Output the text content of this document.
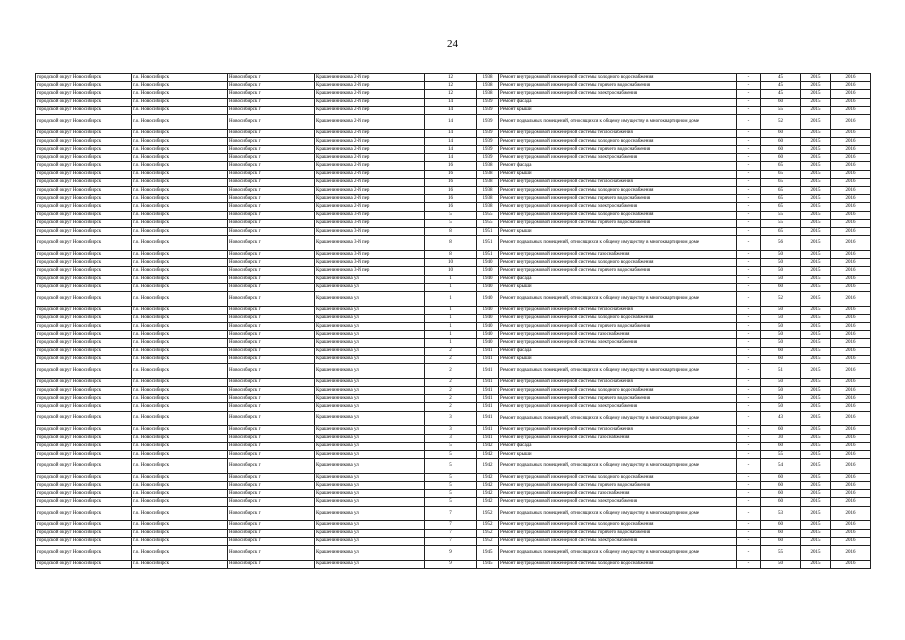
24
городской округ Новосибирск	г.о. Новосибирск	Новосибирск г	Крашенинникова 2-й пер	12	1938	Ремонт внутридомовой инженерной системы холодного водоснабжения	-	45	2015	2016
городской округ Новосибирск	г.о. Новосибирск	Новосибирск г	Крашенинникова 2-й пер	12	1938	Ремонт внутридомовой инженерной системы горячего водоснабжения	-	45	2015	2016
городской округ Новосибирск	г.о. Новосибирск	Новосибирск г	Крашенинникова 2-й пер	12	1938	Ремонт внутридомовой инженерной системы электроснабжения	-	45	2015	2016
городской округ Новосибирск	г.о. Новосибирск	Новосибирск г	Крашенинникова 2-й пер	14	1939	Ремонт фасада	-	60	2015	2016
городской округ Новосибирск	г.о. Новосибирск	Новосибирск г	Крашенинникова 2-й пер	14	1939	Ремонт крыши	-	55	2015	2016
городской округ Новосибирск	г.о. Новосибирск	Новосибирск г	Крашенинникова 2-й пер	14	1939	Ремонт подвальных помещений, относящихся к общему имуществу в многоквартирном доме	-	52	2015	2016
городской округ Новосибирск	г.о. Новосибирск	Новосибирск г	Крашенинникова 2-й пер	14	1939	Ремонт внутридомовой инженерной системы теплоснабжения	-	60	2015	2016
городской округ Новосибирск	г.о. Новосибирск	Новосибирск г	Крашенинникова 2-й пер	14	1939	Ремонт внутридомовой инженерной системы холодного водоснабжения	-	60	2015	2016
городской округ Новосибирск	г.о. Новосибирск	Новосибирск г	Крашенинникова 2-й пер	14	1939	Ремонт внутридомовой инженерной системы горячего водоснабжения	-	60	2015	2016
городской округ Новосибирск	г.о. Новосибирск	Новосибирск г	Крашенинникова 2-й пер	14	1939	Ремонт внутридомовой инженерной системы электроснабжения	-	60	2015	2016
городской округ Новосибирск	г.о. Новосибирск	Новосибирск г	Крашенинникова 2-й пер	16	1938	Ремонт фасада	-	65	2015	2016
городской округ Новосибирск	г.о. Новосибирск	Новосибирск г	Крашенинникова 2-й пер	16	1938	Ремонт крыши	-	65	2015	2016
городской округ Новосибирск	г.о. Новосибирск	Новосибирск г	Крашенинникова 2-й пер	16	1938	Ремонт внутридомовой инженерной системы теплоснабжения	-	65	2015	2016
городской округ Новосибирск	г.о. Новосибирск	Новосибирск г	Крашенинникова 2-й пер	16	1938	Ремонт внутридомовой инженерной системы холодного водоснабжения	-	65	2015	2016
городской округ Новосибирск	г.о. Новосибирск	Новосибирск г	Крашенинникова 2-й пер	16	1938	Ремонт внутридомовой инженерной системы горячего водоснабжения	-	65	2015	2016
городской округ Новосибирск	г.о. Новосибирск	Новосибирск г	Крашенинникова 2-й пер	16	1938	Ремонт внутридомовой инженерной системы электроснабжения	-	65	2015	2016
городской округ Новосибирск	г.о. Новосибирск	Новосибирск г	Крашенинникова 3-й пер	5	1955	Ремонт внутридомовой инженерной системы холодного водоснабжения	-	55	2015	2016
городской округ Новосибирск	г.о. Новосибирск	Новосибирск г	Крашенинникова 3-й пер	5	1955	Ремонт внутридомовой инженерной системы горячего водоснабжения	-	55	2015	2016
городской округ Новосибирск	г.о. Новосибирск	Новосибирск г	Крашенинникова 3-й пер	8	1951	Ремонт крыши	-	65	2015	2016
городской округ Новосибирск	г.о. Новосибирск	Новосибирск г	Крашенинникова 3-й пер	8	1951	Ремонт подвальных помещений, относящихся к общему имуществу в многоквартирном доме	-	56	2015	2016
городской округ Новосибирск	г.о. Новосибирск	Новосибирск г	Крашенинникова 3-й пер	8	1951	Ремонт внутридомовой инженерной системы газоснабжения	-	50	2015	2016
городской округ Новосибирск	г.о. Новосибирск	Новосибирск г	Крашенинникова 3-й пер	10	1940	Ремонт внутридомовой инженерной системы холодного водоснабжения	-	50	2015	2016
городской округ Новосибирск	г.о. Новосибирск	Новосибирск г	Крашенинникова 3-й пер	10	1940	Ремонт внутридомовой инженерной системы горячего водоснабжения	-	50	2015	2016
городской округ Новосибирск	г.о. Новосибирск	Новосибирск г	Крашенинникова ул	1	1940	Ремонт фасада	-	50	2015	2016
городской округ Новосибирск	г.о. Новосибирск	Новосибирск г	Крашенинникова ул	1	1940	Ремонт крыши	-	60	2015	2016
городской округ Новосибирск	г.о. Новосибирск	Новосибирск г	Крашенинникова ул	1	1940	Ремонт подвальных помещений, относящихся к общему имуществу в многоквартирном доме	-	52	2015	2016
городской округ Новосибирск	г.о. Новосибирск	Новосибирск г	Крашенинникова ул	1	1940	Ремонт внутридомовой инженерной системы теплоснабжения	-	50	2015	2016
городской округ Новосибирск	г.о. Новосибирск	Новосибирск г	Крашенинникова ул	1	1940	Ремонт внутридомовой инженерной системы холодного водоснабжения	-	50	2015	2016
городской округ Новосибирск	г.о. Новосибирск	Новосибирск г	Крашенинникова ул	1	1940	Ремонт внутридомовой инженерной системы горячего водоснабжения	-	50	2015	2016
городской округ Новосибирск	г.о. Новосибирск	Новосибирск г	Крашенинникова ул	1	1940	Ремонт внутридомовой инженерной системы газоснабжения	-	50	2015	2016
городской округ Новосибирск	г.о. Новосибирск	Новосибирск г	Крашенинникова ул	1	1940	Ремонт внутридомовой инженерной системы электроснабжения	-	50	2015	2016
городской округ Новосибирск	г.о. Новосибирск	Новосибирск г	Крашенинникова ул	2	1941	Ремонт фасада	-	60	2015	2016
городской округ Новосибирск	г.о. Новосибирск	Новосибирск г	Крашенинникова ул	2	1941	Ремонт крыши	-	60	2015	2016
городской округ Новосибирск	г.о. Новосибирск	Новосибирск г	Крашенинникова ул	2	1941	Ремонт подвальных помещений, относящихся к общему имуществу в многоквартирном доме	-	51	2015	2016
городской округ Новосибирск	г.о. Новосибирск	Новосибирск г	Крашенинникова ул	2	1941	Ремонт внутридомовой инженерной системы теплоснабжения	-	50	2015	2016
городской округ Новосибирск	г.о. Новосибирск	Новосибирск г	Крашенинникова ул	2	1941	Ремонт внутридомовой инженерной системы холодного водоснабжения	-	50	2015	2016
городской округ Новосибирск	г.о. Новосибирск	Новосибирск г	Крашенинникова ул	2	1941	Ремонт внутридомовой инженерной системы горячего водоснабжения	-	50	2015	2016
городской округ Новосибирск	г.о. Новосибирск	Новосибирск г	Крашенинникова ул	2	1941	Ремонт внутридомовой инженерной системы электроснабжения	-	50	2015	2016
городской округ Новосибирск	г.о. Новосибирск	Новосибирск г	Крашенинникова ул	3	1941	Ремонт подвальных помещений, относящихся к общему имуществу в многоквартирном доме	-	43	2015	2016
городской округ Новосибирск	г.о. Новосибирск	Новосибирск г	Крашенинникова ул	3	1941	Ремонт внутридомовой инженерной системы теплоснабжения	-	60	2015	2016
городской округ Новосибирск	г.о. Новосибирск	Новосибирск г	Крашенинникова ул	3	1941	Ремонт внутридомовой инженерной системы газоснабжения	-	30	2015	2016
городской округ Новосибирск	г.о. Новосибирск	Новосибирск г	Крашенинникова ул	5	1942	Ремонт фасада	-	60	2015	2016
городской округ Новосибирск	г.о. Новосибирск	Новосибирск г	Крашенинникова ул	5	1942	Ремонт крыши	-	55	2015	2016
городской округ Новосибирск	г.о. Новосибирск	Новосибирск г	Крашенинникова ул	5	1942	Ремонт подвальных помещений, относящихся к общему имуществу в многоквартирном доме	-	54	2015	2016
городской округ Новосибирск	г.о. Новосибирск	Новосибирск г	Крашенинникова ул	5	1942	Ремонт внутридомовой инженерной системы холодного водоснабжения	-	60	2015	2016
городской округ Новосибирск	г.о. Новосибирск	Новосибирск г	Крашенинникова ул	5	1942	Ремонт внутридомовой инженерной системы горячего водоснабжения	-	60	2015	2016
городской округ Новосибирск	г.о. Новосибирск	Новосибирск г	Крашенинникова ул	5	1942	Ремонт внутридомовой инженерной системы газоснабжения	-	60	2015	2016
городской округ Новосибирск	г.о. Новосибирск	Новосибирск г	Крашенинникова ул	5	1942	Ремонт внутридомовой инженерной системы электроснабжения	-	60	2015	2016
городской округ Новосибирск	г.о. Новосибирск	Новосибирск г	Крашенинникова ул	7	1952	Ремонт подвальных помещений, относящихся к общему имуществу в многоквартирном доме	-	53	2015	2016
городской округ Новосибирск	г.о. Новосибирск	Новосибирск г	Крашенинникова ул	7	1952	Ремонт внутридомовой инженерной системы холодного водоснабжения	-	60	2015	2016
городской округ Новосибирск	г.о. Новосибирск	Новосибирск г	Крашенинникова ул	7	1952	Ремонт внутридомовой инженерной системы горячего водоснабжения	-	60	2015	2016
городской округ Новосибирск	г.о. Новосибирск	Новосибирск г	Крашенинникова ул	7	1952	Ремонт внутридомовой инженерной системы электроснабжения	-	60	2015	2016
городской округ Новосибирск	г.о. Новосибирск	Новосибирск г	Крашенинникова ул	9	1945	Ремонт подвальных помещений, относящихся к общему имуществу в многоквартирном доме	-	55	2015	2016
городской округ Новосибирск	г.о. Новосибирск	Новосибирск г	Крашенинникова ул	9	1945	Ремонт внутридомовой инженерной системы холодного водоснабжения	-	50	2015	2016
